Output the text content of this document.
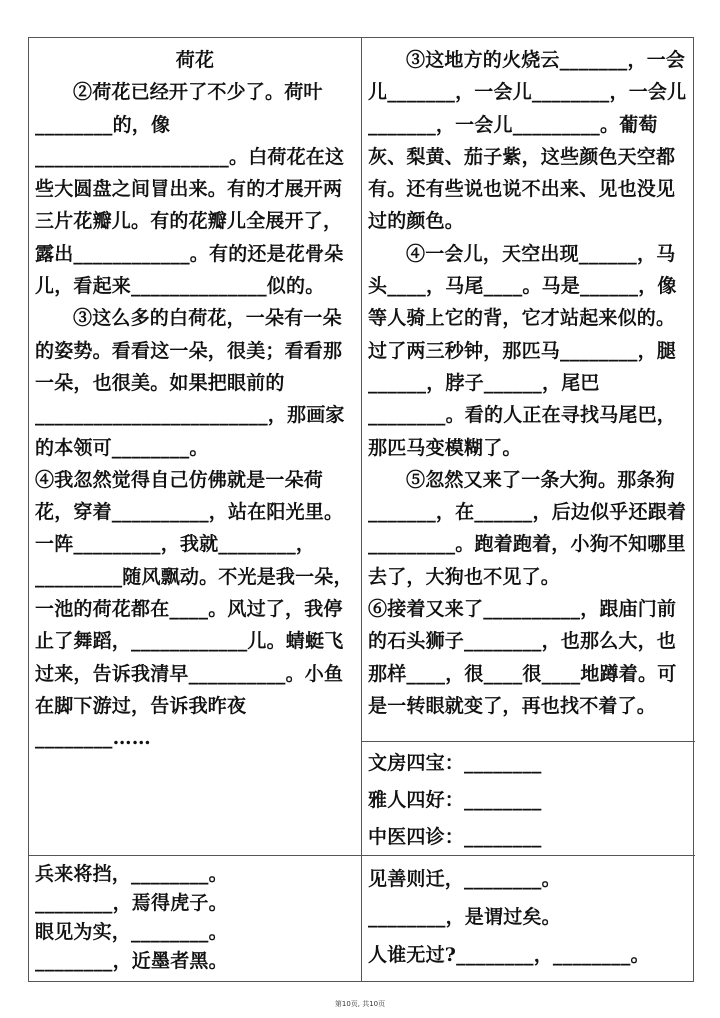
荷花

②荷花已经开了不少了。荷叶________的，像____________________。白荷花在这些大圆盘之间冒出来。有的才展开两三片花瓣儿。有的花瓣儿全展开了，露出____________。有的还是花骨朵儿，看起来______________似的。

③这么多的白荷花，一朵有一朵的姿势。看看这一朵，很美；看看那一朵，也很美。如果把眼前的________________________，那画家的本领可________。

④我忽然觉得自己仿佛就是一朵荷花，穿着__________，站在阳光里。一阵_________，我就________，_________随风飘动。不光是我一朵，一池的荷花都在____。风过了，我停止了舞蹈，____________儿。蜻蜓飞过来，告诉我清早__________。小鱼在脚下游过，告诉我昨夜________……

③这地方的火烧云_______，一会儿_______，一会儿________，一会儿_______，一会儿_________。葡萄灰、梨黄、茄子紫，这些颜色天空都有。还有些说也说不出来、见也没见过的颜色。

④一会儿，天空出现______，马头____，马尾____。马是______，像等人骑上它的背，它才站起来似的。过了两三秒钟，那匹马________，腿______，脖子______，尾巴________。看的人正在寻找马尾巴，那匹马变模糊了。

⑤忽然又来了一条大狗。那条狗_______，在______，后边似乎还跟着_________。跑着跑着，小狗不知哪里去了，大狗也不见了。

⑥接着又来了__________，跟庙门前的石头狮子________，也那么大，也那样____，很____很____地蹲着。可是一转眼就变了，再也找不着了。

文房四宝：________

雅人四好：________

中医四诊：________

兵来将挡，________。

________，焉得虎子。

眼见为实，________。

________，近墨者黑。

见善则迁，________。

________，是谓过矣。

人谁无过?________，________。

第10页, 共10页
